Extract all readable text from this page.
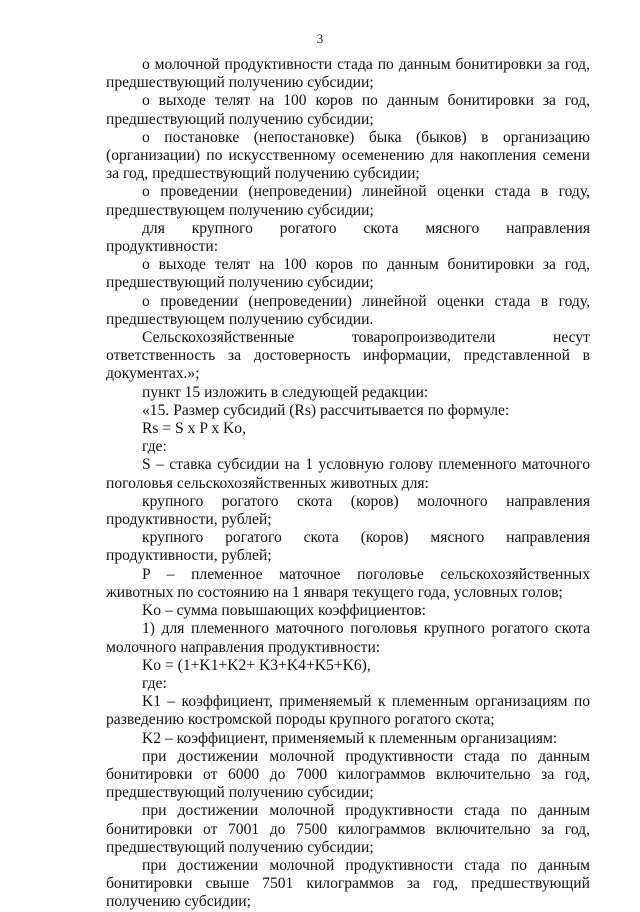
3

о молочной продуктивности стада по данным бонитировки за год, предшествующий получению субсидии;

о выходе телят на 100 коров по данным бонитировки за год, предшествующий получению субсидии;

о постановке (непостановке) быка (быков) в организацию (организации) по искусственному осеменению для накопления семени за год, предшествующий получению субсидии;

о проведении (непроведении) линейной оценки стада в году, предшествующем получению субсидии;

для крупного рогатого скота мясного направления продуктивности:

о выходе телят на 100 коров по данным бонитировки за год, предшествующий получению субсидии;

о проведении (непроведении) линейной оценки стада в году, предшествующем получению субсидии.

Сельскохозяйственные товаропроизводители несут ответственность за достоверность информации, представленной в документах.»;

пункт 15 изложить в следующей редакции:

«15. Размер субсидий (Rs) рассчитывается по формуле:

Rs = S x P x Ko,

где:

S – ставка субсидии на 1 условную голову племенного маточного поголовья сельскохозяйственных животных для:

крупного рогатого скота (коров) молочного направления продуктивности, рублей;

крупного рогатого скота (коров) мясного направления продуктивности, рублей;

P – племенное маточное поголовье сельскохозяйственных животных по состоянию на 1 января текущего года, условных голов;

Ko – сумма повышающих коэффициентов:

1) для племенного маточного поголовья крупного рогатого скота молочного направления продуктивности:

Ko = (1+K1+K2+ K3+K4+K5+K6),

где:

K1 – коэффициент, применяемый к племенным организациям по разведению костромской породы крупного рогатого скота;

K2 – коэффициент, применяемый к племенным организациям:

при достижении молочной продуктивности стада по данным бонитировки от 6000 до 7000 килограммов включительно за год, предшествующий получению субсидии;

при достижении молочной продуктивности стада по данным бонитировки от 7001 до 7500 килограммов включительно за год, предшествующий получению субсидии;

при достижении молочной продуктивности стада по данным бонитировки свыше 7501 килограммов за год, предшествующий получению субсидии;
